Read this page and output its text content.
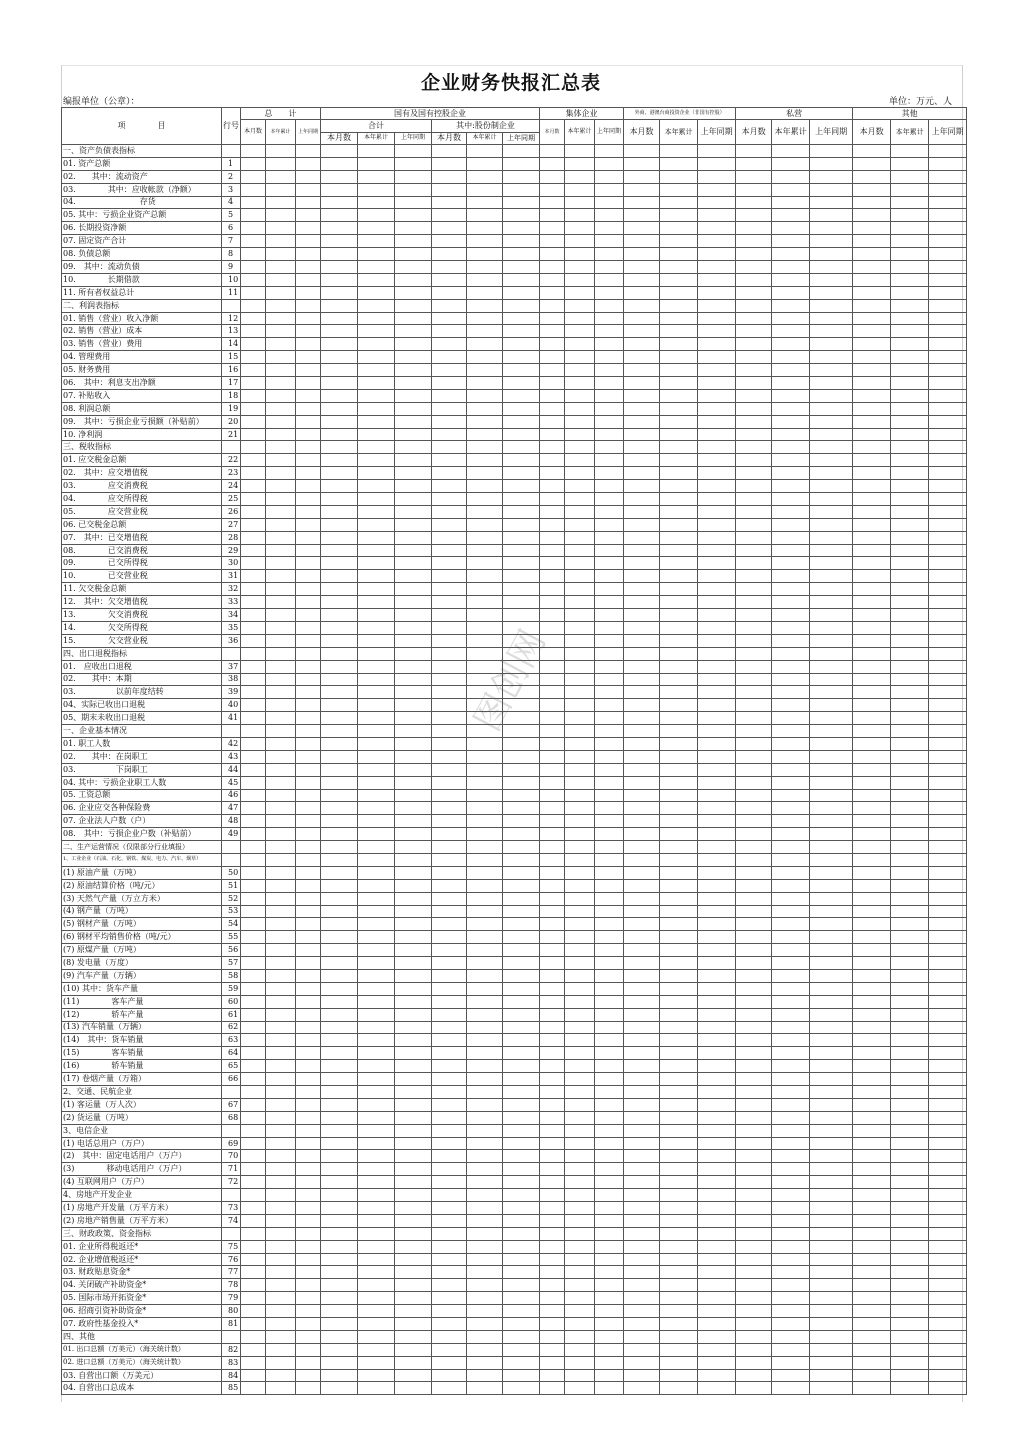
企业财务快报汇总表
编报单位（公章）：	单位：万元、人
图创网
项　　　　目	行号	总　　计			国有及国有控股企业						集体企业			外商、港澳台商投资企业（非国有控股）			私营			其他		
		本月数	本年累计	上年同期	合计			其中:股份制企业			本月数	本年累计	上年同期	本月数	本年累计	上年同期	本月数	本年累计	上年同期	本月数	本年累计	上年同期
					本月数	本年累计	上年同期	本月数	本年累计	上年同期												
一、资产负债表指标																						
01. 资产总额	1																					
02.　　其中：流动资产	2																					
03.　　　　其中：应收帐款（净额）	3																					
04.　　　　　　　　存货	4																					
05. 其中：亏损企业资产总额	5																					
06. 长期投资净额	6																					
07. 固定资产合计	7																					
08. 负债总额	8																					
09.　其中：流动负债	9																					
10.　　　　长期借款	10																					
11. 所有者权益总计	11																					
二、利润表指标																						
01. 销售（营业）收入净额	12																					
02. 销售（营业）成本	13																					
03. 销售（营业）费用	14																					
04. 管理费用	15																					
05. 财务费用	16																					
06.　其中：利息支出净额	17																					
07. 补贴收入	18																					
08. 利润总额	19																					
09.　其中：亏损企业亏损额（补贴前）	20																					
10. 净利润	21																					
三、税收指标																						
01. 应交税金总额	22																					
02.　其中：应交增值税	23																					
03.　　　　应交消费税	24																					
04.　　　　应交所得税	25																					
05.　　　　应交营业税	26																					
06. 已交税金总额	27																					
07.　其中：已交增值税	28																					
08.　　　　已交消费税	29																					
09.　　　　已交所得税	30																					
10.　　　　已交营业税	31																					
11. 欠交税金总额	32																					
12.　其中：欠交增值税	33																					
13.　　　　欠交消费税	34																					
14.　　　　欠交所得税	35																					
15.　　　　欠交营业税	36																					
四、出口退税指标																						
01.　应收出口退税	37																					
02.　　其中：本期	38																					
03.　　　　　以前年度结转	39																					
04、实际已收出口退税	40																					
05、期末未收出口退税	41																					
一、企业基本情况																						
01. 职工人数	42																					
02.　　其中：在岗职工	43																					
03.　　　　　下岗职工	44																					
04. 其中：亏损企业职工人数	45																					
05. 工资总额	46																					
06. 企业应交各种保险费	47																					
07. 企业法人户数（户）	48																					
08.　其中：亏损企业户数（补贴前）	49																					
二、生产运营情况（仅限部分行业填报）																						
1、工业企业（石油、石化、钢铁、煤炭、电力、汽车、烟草）																						
(1) 原油产量（万吨）	50																					
(2) 原油结算价格（吨/元）	51																					
(3) 天然气产量（万立方米）	52																					
(4) 钢产量（万吨）	53																					
(5) 钢材产量（万吨）	54																					
(6) 钢材平均销售价格（吨/元）	55																					
(7) 原煤产量（万吨）	56																					
(8) 发电量（万度）	57																					
(9) 汽车产量（万辆）	58																					
(10) 其中：货车产量	59																					
(11)　　　　客车产量	60																					
(12)　　　　轿车产量	61																					
(13) 汽车销量（万辆）	62																					
(14)　其中：货车销量	63																					
(15)　　　　客车销量	64																					
(16)　　　　轿车销量	65																					
(17) 卷烟产量（万箱）	66																					
2、交通、民航企业																						
(1) 客运量（万人次）	67																					
(2) 货运量（万吨）	68																					
3、电信企业																						
(1) 电话总用户（万户）	69																					
(2)　其中：固定电话用户（万户）	70																					
(3)　　　　移动电话用户（万户）	71																					
(4) 互联网用户（万户）	72																					
4、房地产开发企业																						
(1) 房地产开发量（万平方米）	73																					
(2) 房地产销售量（万平方米）	74																					
三、财政政策、资金指标																						
01. 企业所得税返还*	75																					
02. 企业增值税返还*	76																					
03. 财政贴息资金*	77																					
04. 关闭破产补助资金*	78																					
05. 国际市场开拓资金*	79																					
06. 招商引资补助资金*	80																					
07. 政府性基金投入*	81																					
四、其他																						
01. 出口总额（万美元）（海关统计数）	82																					
02. 进口总额（万美元）（海关统计数）	83																					
03. 自营出口额（万美元）	84																					
04. 自营出口总成本	85																					
